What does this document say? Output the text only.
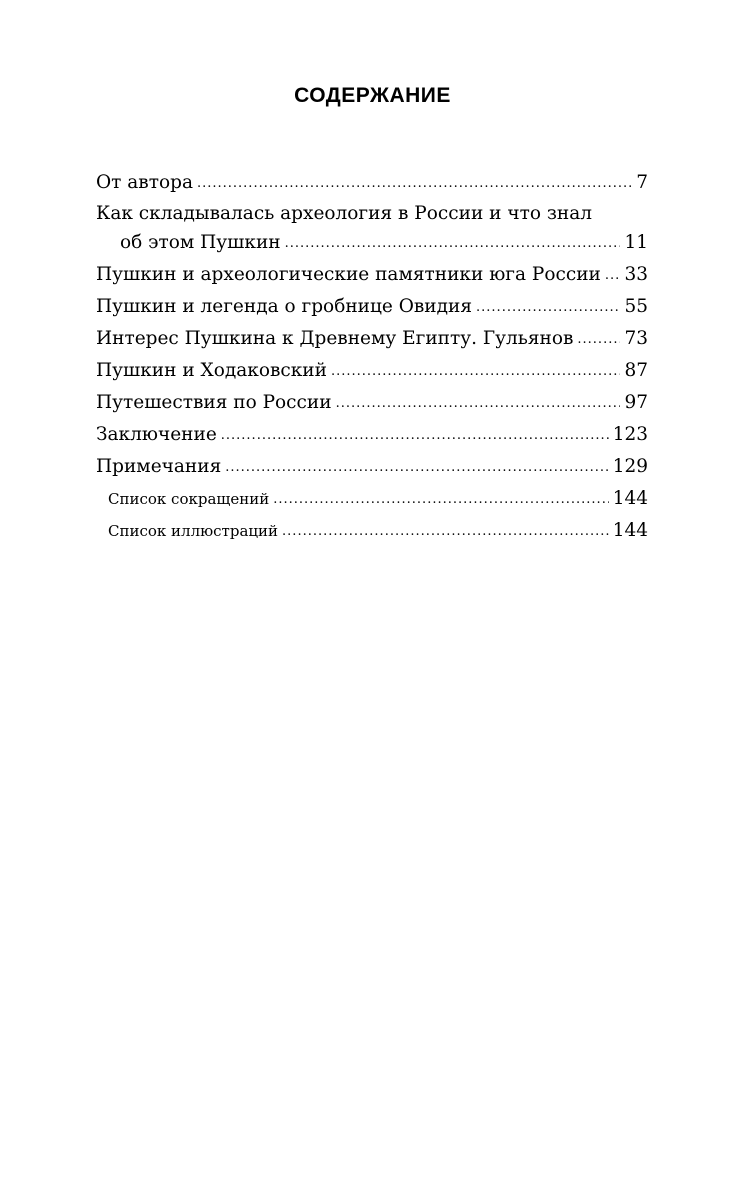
СОДЕРЖАНИЕ
От автора .....	7
Как складывалась археология в России и что знал
об этом Пушкин .....	11
Пушкин и археологические памятники юга России ..... 33
Пушкин и легенда о гробнице Овидия .....	55
Интерес Пушкина к Древнему Египту. Гульянов .....	73
Пушкин и Ходаковский .....	87
Путешествия по России .....	97
Заключение .....	123
Примечания .....	129
Список сокращений .....	144
Список иллюстраций .....	144
